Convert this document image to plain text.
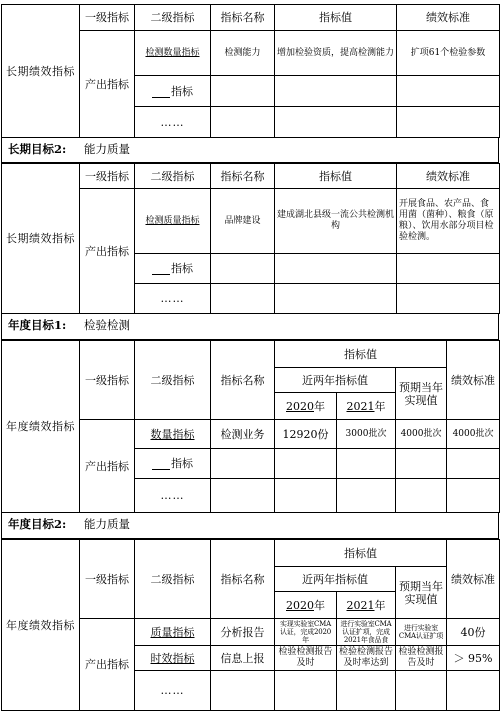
长期绩效指标	一级指标	二级指标	指标名称	指标值	绩效标准
	产出指标	检测数量指标	检测能力	增加检验资质，提高检测能力	扩项61个检验参数
		指标			
		……			
长期目标2: 能力质量
长期绩效指标	一级指标	二级指标	指标名称	指标值	绩效标准
	产出指标	检测质量指标	品牌建设	建成湖北县级一流公共检测机构	开展食品、农产品、食用菌（菌种）、粮食（原粮）、饮用水部分项目检验检测。
		指标			
		……			
年度目标1: 检验检测
年度绩效指标	一级指标	二级指标	指标名称	指标值			绩效标准
				近两年指标值		预期当年实现值	
				2020年	2021年		
	产出指标	数量指标	检测业务	12920份	3000批次	4000批次	4000批次
		指标					
		……					
年度目标2: 能力质量
年度绩效指标	一级指标	二级指标	指标名称	指标值			绩效标准
				近两年指标值		预期当年实现值	
				2020年	2021年		
	产出指标	质量指标	分析报告	实现实验室CMA认证，完成2020年	进行实验室CMA认证扩项，完成2021年食品食	进行实验室CMA认证扩项	40份
		时效指标	信息上报	检验检测报告及时	检验检测报告及时率达到	检验检测报告及时	＞ 95%
		……					
